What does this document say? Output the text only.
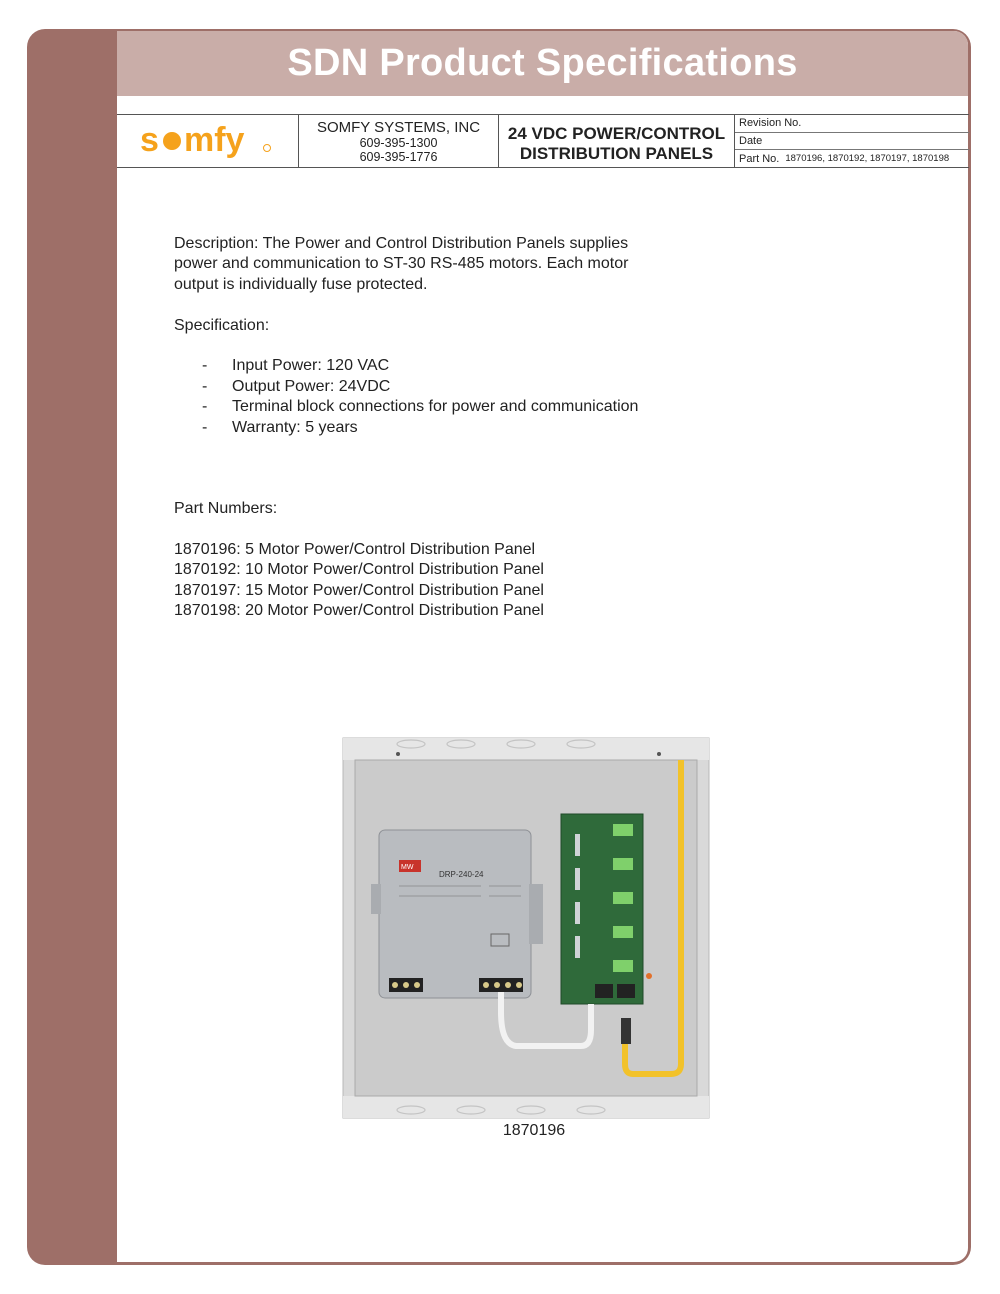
SDN Product Specifications
s mfy	SOMFY SYSTEMS, INC
609-395-1300
609-395-1776
24 VDC POWER/CONTROL
DISTRIBUTION PANELS
Revision No.
Date
Part No. 1870196, 1870192, 1870197, 1870198

Description: The Power and Control Distribution Panels supplies

power and communication to ST-30 RS-485 motors. Each motor

output is individually fuse protected.

Specification:

-	Input Power: 120 VAC
-	Output Power: 24VDC
-	Terminal block connections for power and communication
-	Warranty: 5 years

Part Numbers:

1870196: 5 Motor Power/Control Distribution Panel

1870192: 10 Motor Power/Control Distribution Panel

1870197: 15 Motor Power/Control Distribution Panel

1870198: 20 Motor Power/Control Distribution Panel

MW
DRP-240-24
1870196
